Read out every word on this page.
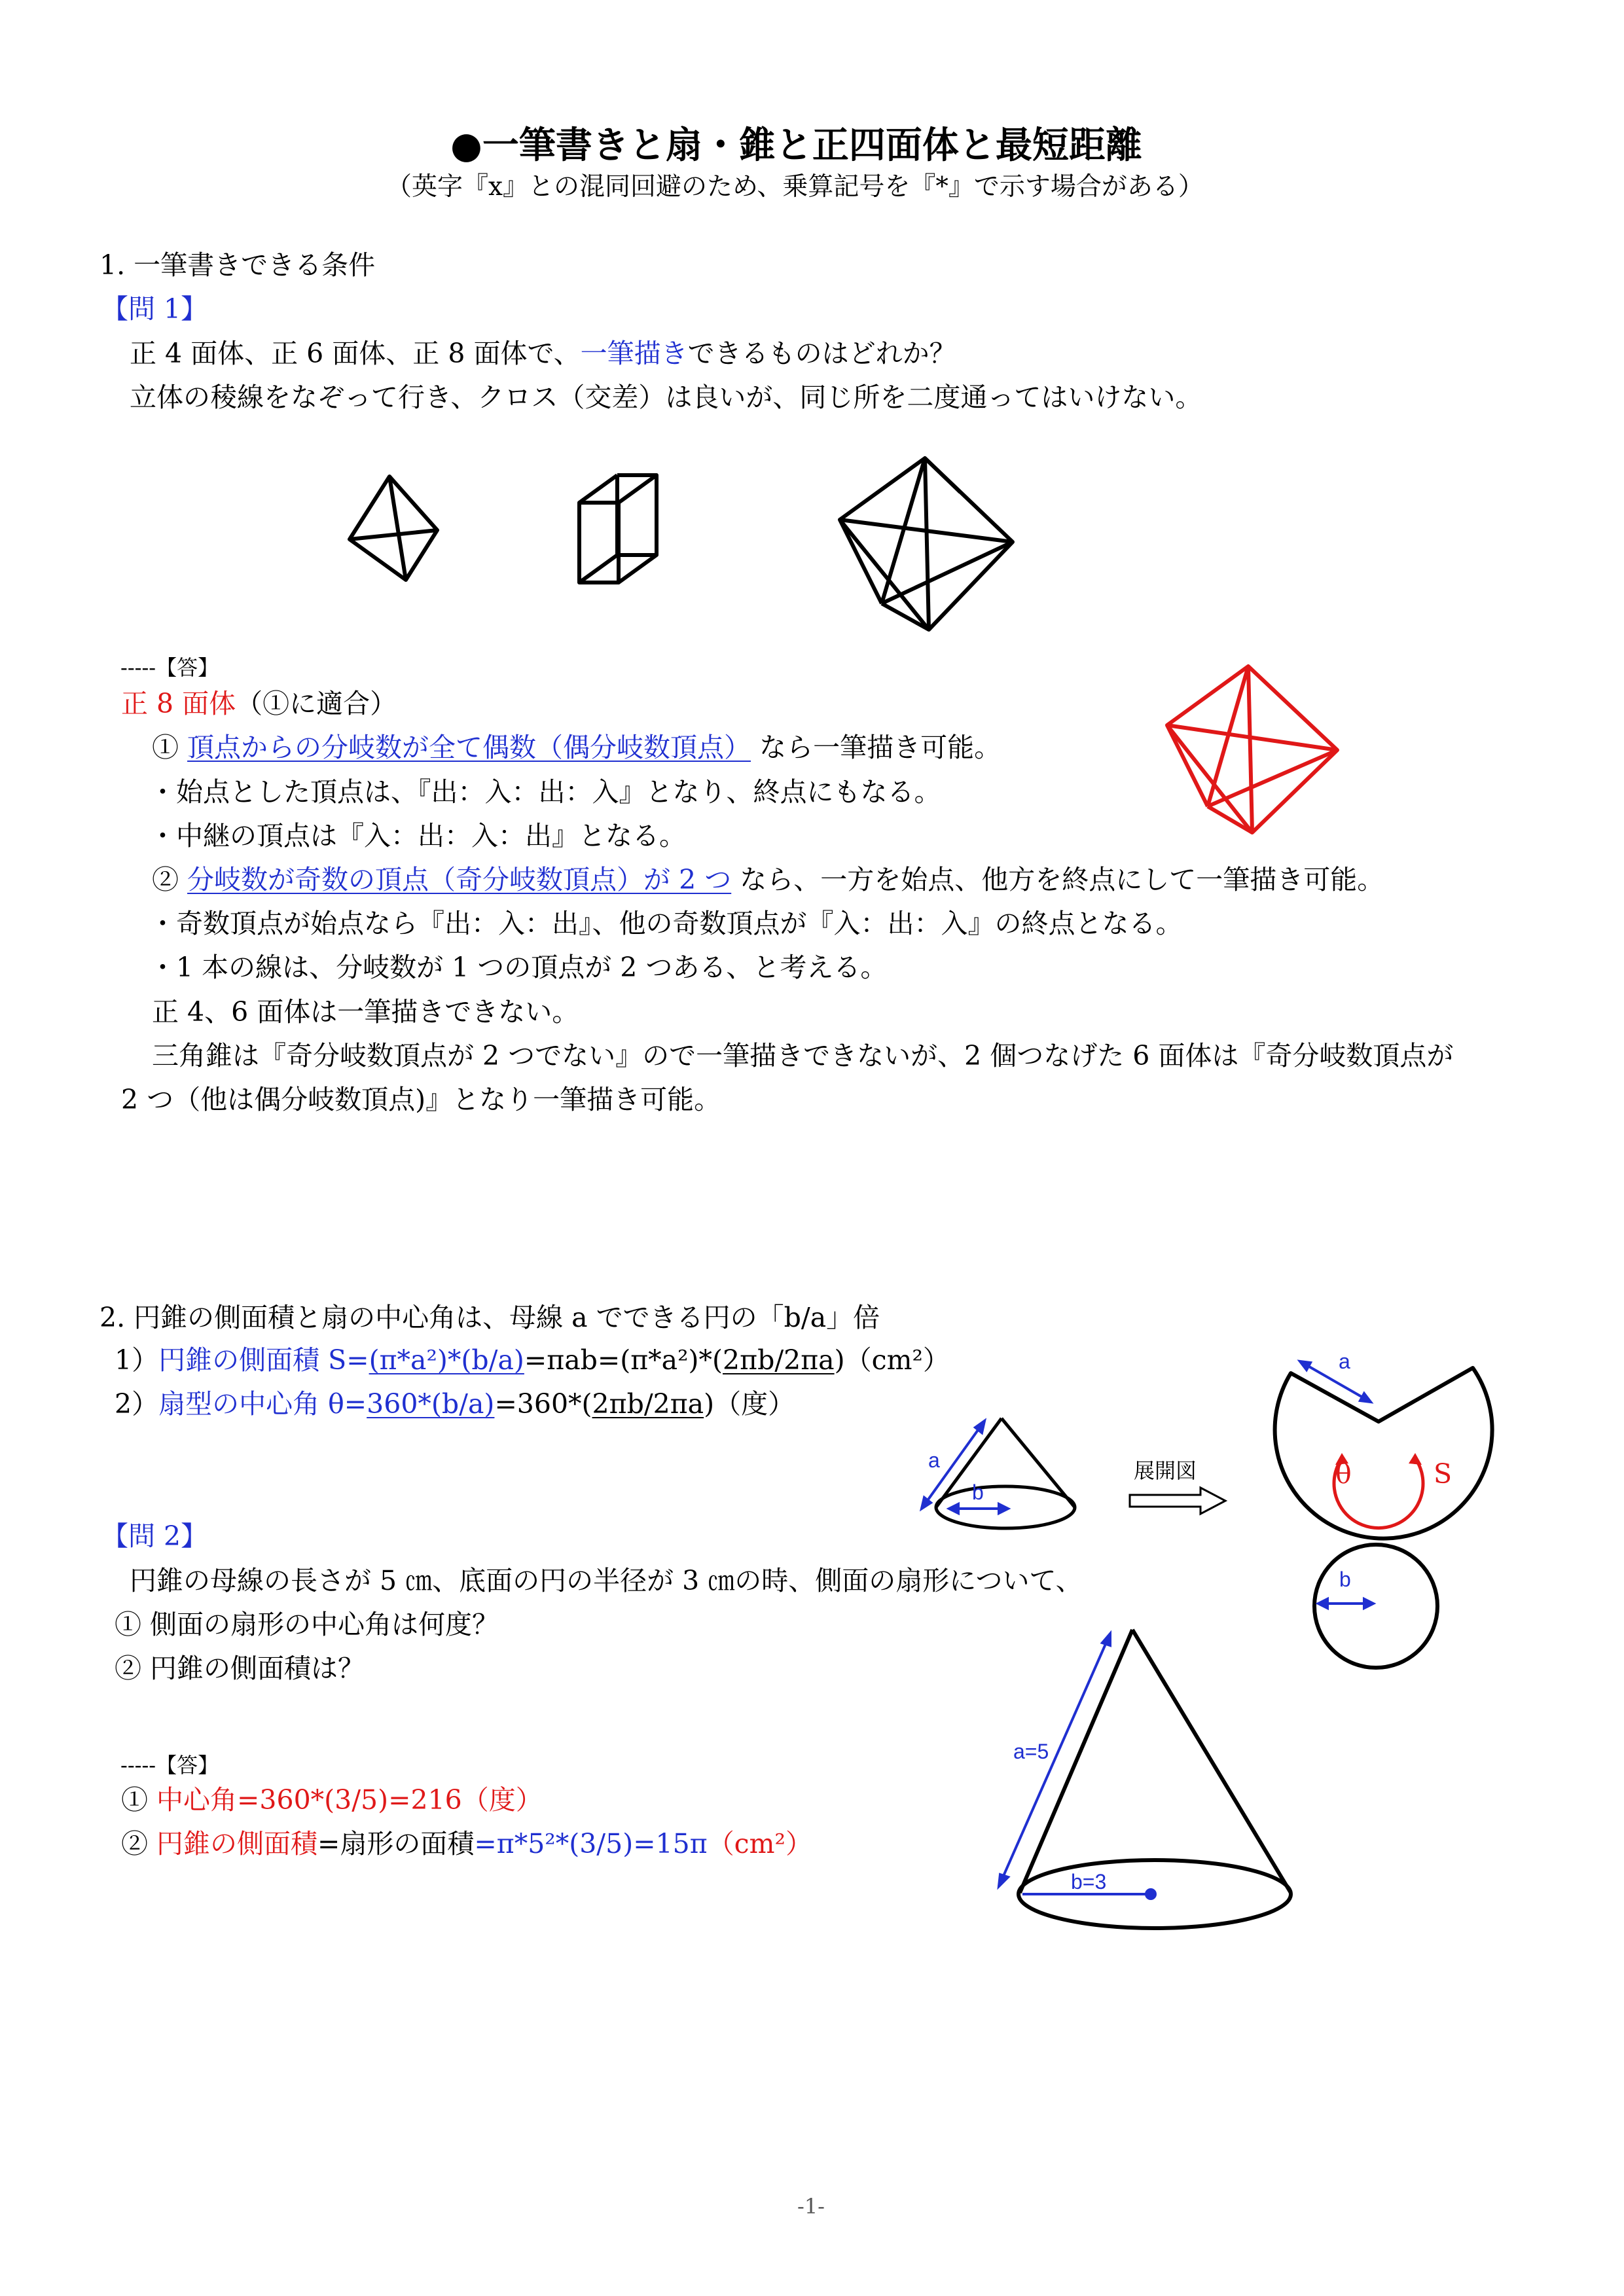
●一筆書きと扇・錐と正四面体と最短距離
（英字『x』との混同回避のため、乗算記号を『*』で示す場合がある）
1. 一筆書きできる条件
【問 1】
正 4 面体、正 6 面体、正 8 面体で、一筆描きできるものはどれか？
立体の稜線をなぞって行き、クロス（交差）は良いが、同じ所を二度通ってはいけない。
-----【答】
正 8 面体（①に適合）
① 頂点からの分岐数が全て偶数（偶分岐数頂点） なら一筆描き可能。
・始点とした頂点は、『出：入：出：入』となり、終点にもなる。
・中継の頂点は『入：出：入：出』となる。
② 分岐数が奇数の頂点（奇分岐数頂点）が 2 つ なら、一方を始点、他方を終点にして一筆描き可能。
・奇数頂点が始点なら『出：入：出』、他の奇数頂点が『入：出：入』の終点となる。
・1 本の線は、分岐数が 1 つの頂点が 2 つある、と考える。
正 4、6 面体は一筆描きできない。
三角錐は『奇分岐数頂点が 2 つでない』ので一筆描きできないが、2 個つなげた 6 面体は『奇分岐数頂点が
2 つ（他は偶分岐数頂点)』となり一筆描き可能。
2. 円錐の側面積と扇の中心角は、母線 a でできる円の「b/a」倍
1）円錐の側面積 S=(π*a²)*(b/a)=πab=(π*a²)*(2πb/2πa)（cm²）
2）扇型の中心角 θ=360*(b/a)=360*(2πb/2πa)（度）
【問 2】
円錐の母線の長さが 5 ㎝、底面の円の半径が 3 ㎝の時、側面の扇形について、
① 側面の扇形の中心角は何度？
② 円錐の側面積は？
-----【答】
① 中心角=360*(3/5)=216（度）
② 円錐の側面積=扇形の面積=π*5²*(3/5)=15π（cm²）
a
b
展開図
a
θ	S
b
a=5
b=3
-1-
